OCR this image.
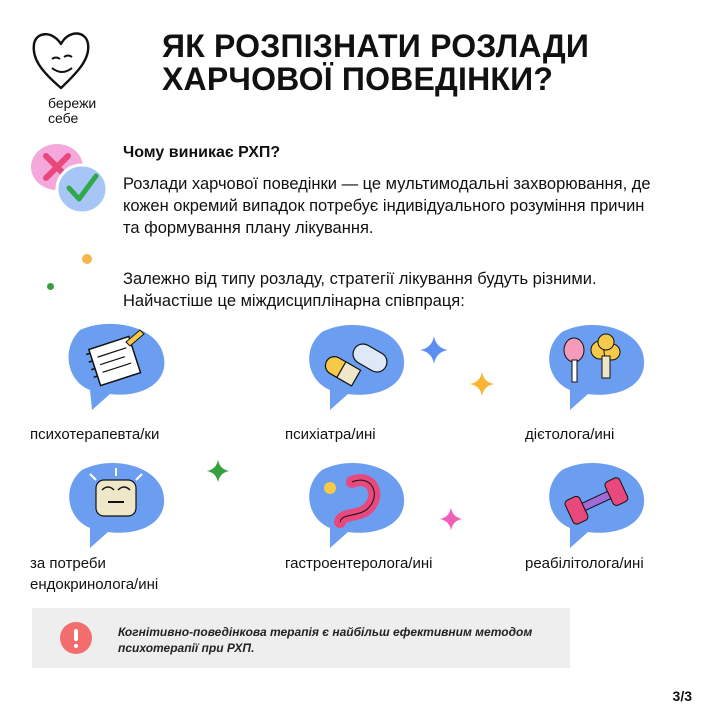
бережи
себе
ЯК РОЗПІЗНАТИ РОЗЛАДИ
ХАРЧОВОЇ ПОВЕДІНКИ?
Чому виникає РХП?
Розлади харчової поведінки — це мультимодальні захворювання, де кожен окремий випадок потребує індивідуального розуміння причин та формування плану лікування.
Залежно від типу розладу, стратегії лікування будуть різними. Найчастіше це міждисциплінарна співпраця:
психотерапевта/ки	психіатра/ині	дієтолога/ині
за потреби
ендокринолога/ині
гастроентеролога/ині	реабілітолога/ині
Когнітивно-поведінкова терапія є найбільш ефективним методом психотерапії при РХП.
3/3
